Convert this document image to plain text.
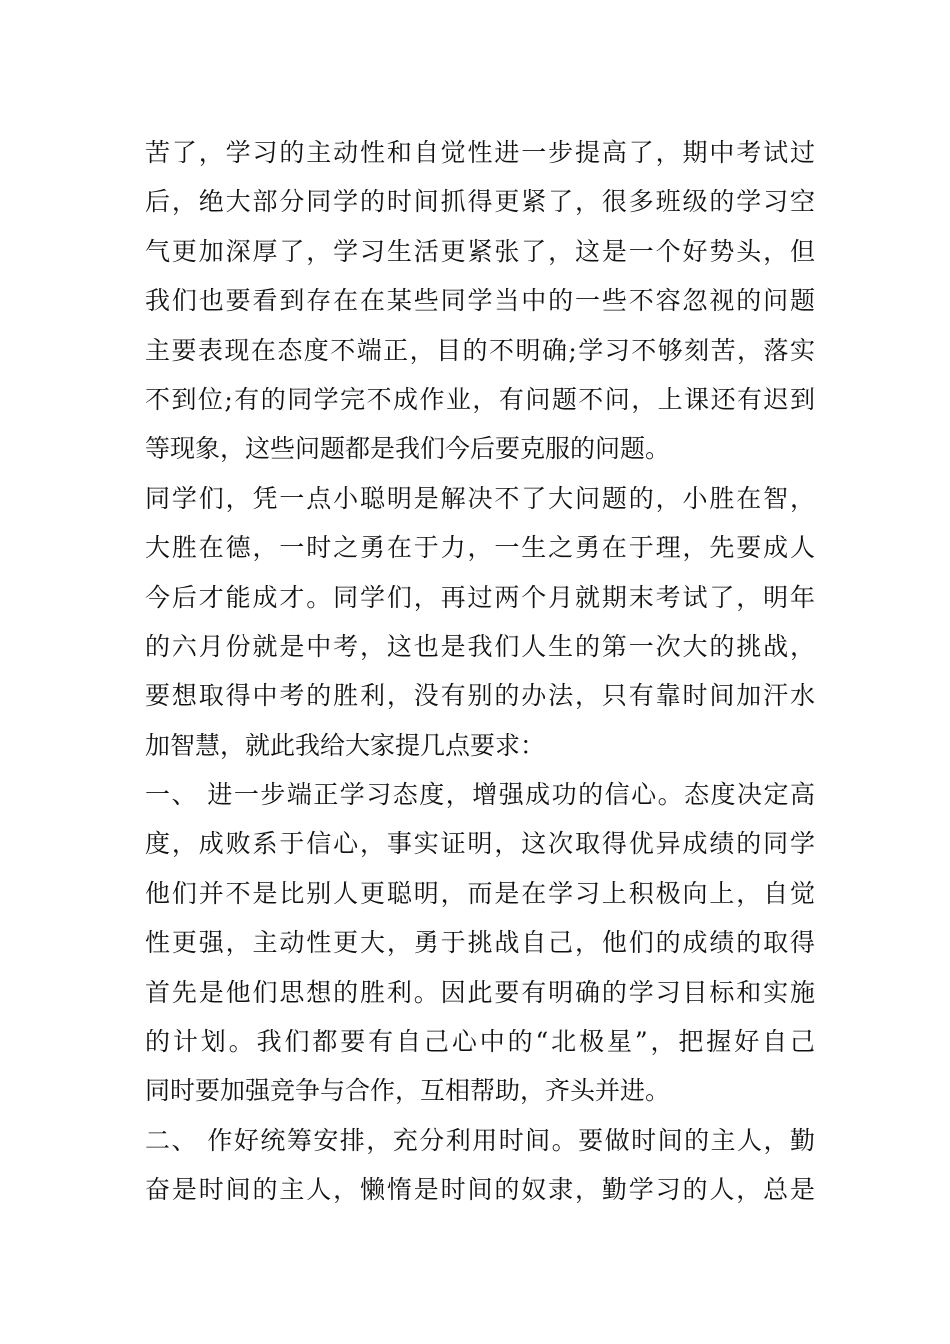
苦了，学习的主动性和自觉性进一步提高了，期中考试过
后，绝大部分同学的时间抓得更紧了，很多班级的学习空
气更加深厚了，学习生活更紧张了，这是一个好势头，但
我们也要看到存在在某些同学当中的一些不容忽视的问题
主要表现在态度不端正，目的不明确;学习不够刻苦，落实
不到位;有的同学完不成作业，有问题不问，上课还有迟到
等现象，这些问题都是我们今后要克服的问题。
同学们，凭一点小聪明是解决不了大问题的，小胜在智，
大胜在德，一时之勇在于力，一生之勇在于理，先要成人
今后才能成才。同学们，再过两个月就期末考试了，明年
的六月份就是中考，这也是我们人生的第一次大的挑战，
要想取得中考的胜利，没有别的办法，只有靠时间加汗水
加智慧，就此我给大家提几点要求：
一、 进一步端正学习态度，增强成功的信心。态度决定高
度，成败系于信心，事实证明，这次取得优异成绩的同学
他们并不是比别人更聪明，而是在学习上积极向上，自觉
性更强，主动性更大，勇于挑战自己，他们的成绩的取得
首先是他们思想的胜利。因此要有明确的学习目标和实施
的计划。我们都要有自己心中的“北极星”，把握好自己
同时要加强竞争与合作，互相帮助，齐头并进。
二、 作好统筹安排，充分利用时间。要做时间的主人，勤
奋是时间的主人，懒惰是时间的奴隶，勤学习的人，总是
